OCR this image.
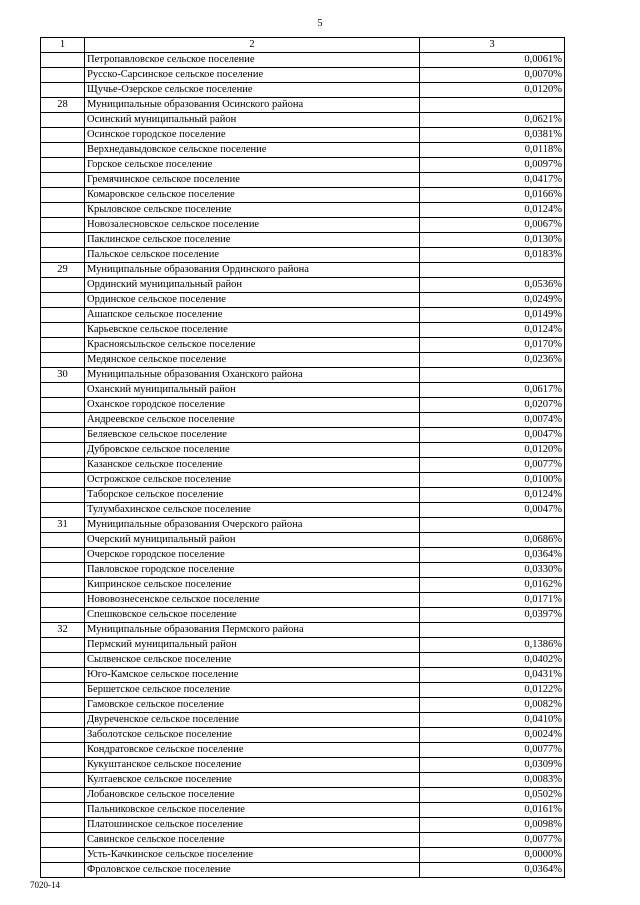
5
1	2	3
	Петропавловское сельское поселение	0,0061%
	Русско-Сарсинское сельское поселение	0,0070%
	Щучье-Озерское сельское поселение	0,0120%
28	Муниципальные образования Осинского района	
	Осинский муниципальный район	0,0621%
	Осинское городское поселение	0,0381%
	Верхнедавыдовское сельское поселение	0,0118%
	Горское сельское поселение	0,0097%
	Гремячинское сельское поселение	0,0417%
	Комаровское сельское поселение	0,0166%
	Крыловское сельское поселение	0,0124%
	Новозалесновское сельское поселение	0,0067%
	Паклинское сельское поселение	0,0130%
	Пальское сельское поселение	0,0183%
29	Муниципальные образования Ординского района	
	Ординский муниципальный район	0,0536%
	Ординское сельское поселение	0,0249%
	Ашапское сельское поселение	0,0149%
	Карьевское сельское поселение	0,0124%
	Красноясыльское сельское поселение	0,0170%
	Медянское сельское поселение	0,0236%
30	Муниципальные образования Оханского района	
	Оханский муниципальный район	0,0617%
	Оханское городское поселение	0,0207%
	Андреевское сельское поселение	0,0074%
	Беляевское сельское поселение	0,0047%
	Дубровское сельское поселение	0,0120%
	Казанское сельское поселение	0,0077%
	Острожское сельское поселение	0,0100%
	Таборское сельское поселение	0,0124%
	Тулумбахинское сельское поселение	0,0047%
31	Муниципальные образования Очерского района	
	Очерский муниципальный район	0,0686%
	Очерское городское поселение	0,0364%
	Павловское городское поселение	0,0330%
	Кипринское сельское поселение	0,0162%
	Нововознесенское сельское поселение	0,0171%
	Спешковское сельское поселение	0,0397%
32	Муниципальные образования Пермского района	
	Пермский муниципальный район	0,1386%
	Сылвенское сельское поселение	0,0402%
	Юго-Камское сельское поселение	0,0431%
	Бершетское сельское поселение	0,0122%
	Гамовское сельское поселение	0,0082%
	Двуреченское сельское поселение	0,0410%
	Заболотское сельское поселение	0,0024%
	Кондратовское сельское поселение	0,0077%
	Кукуштанское сельское поселение	0,0309%
	Култаевское сельское поселение	0,0083%
	Лобановское сельское поселение	0,0502%
	Пальниковское сельское поселение	0,0161%
	Платошинское сельское поселение	0,0098%
	Савинское сельское поселение	0,0077%
	Усть-Качкинское сельское поселение	0,0000%
	Фроловское сельское поселение	0,0364%
7020-14
